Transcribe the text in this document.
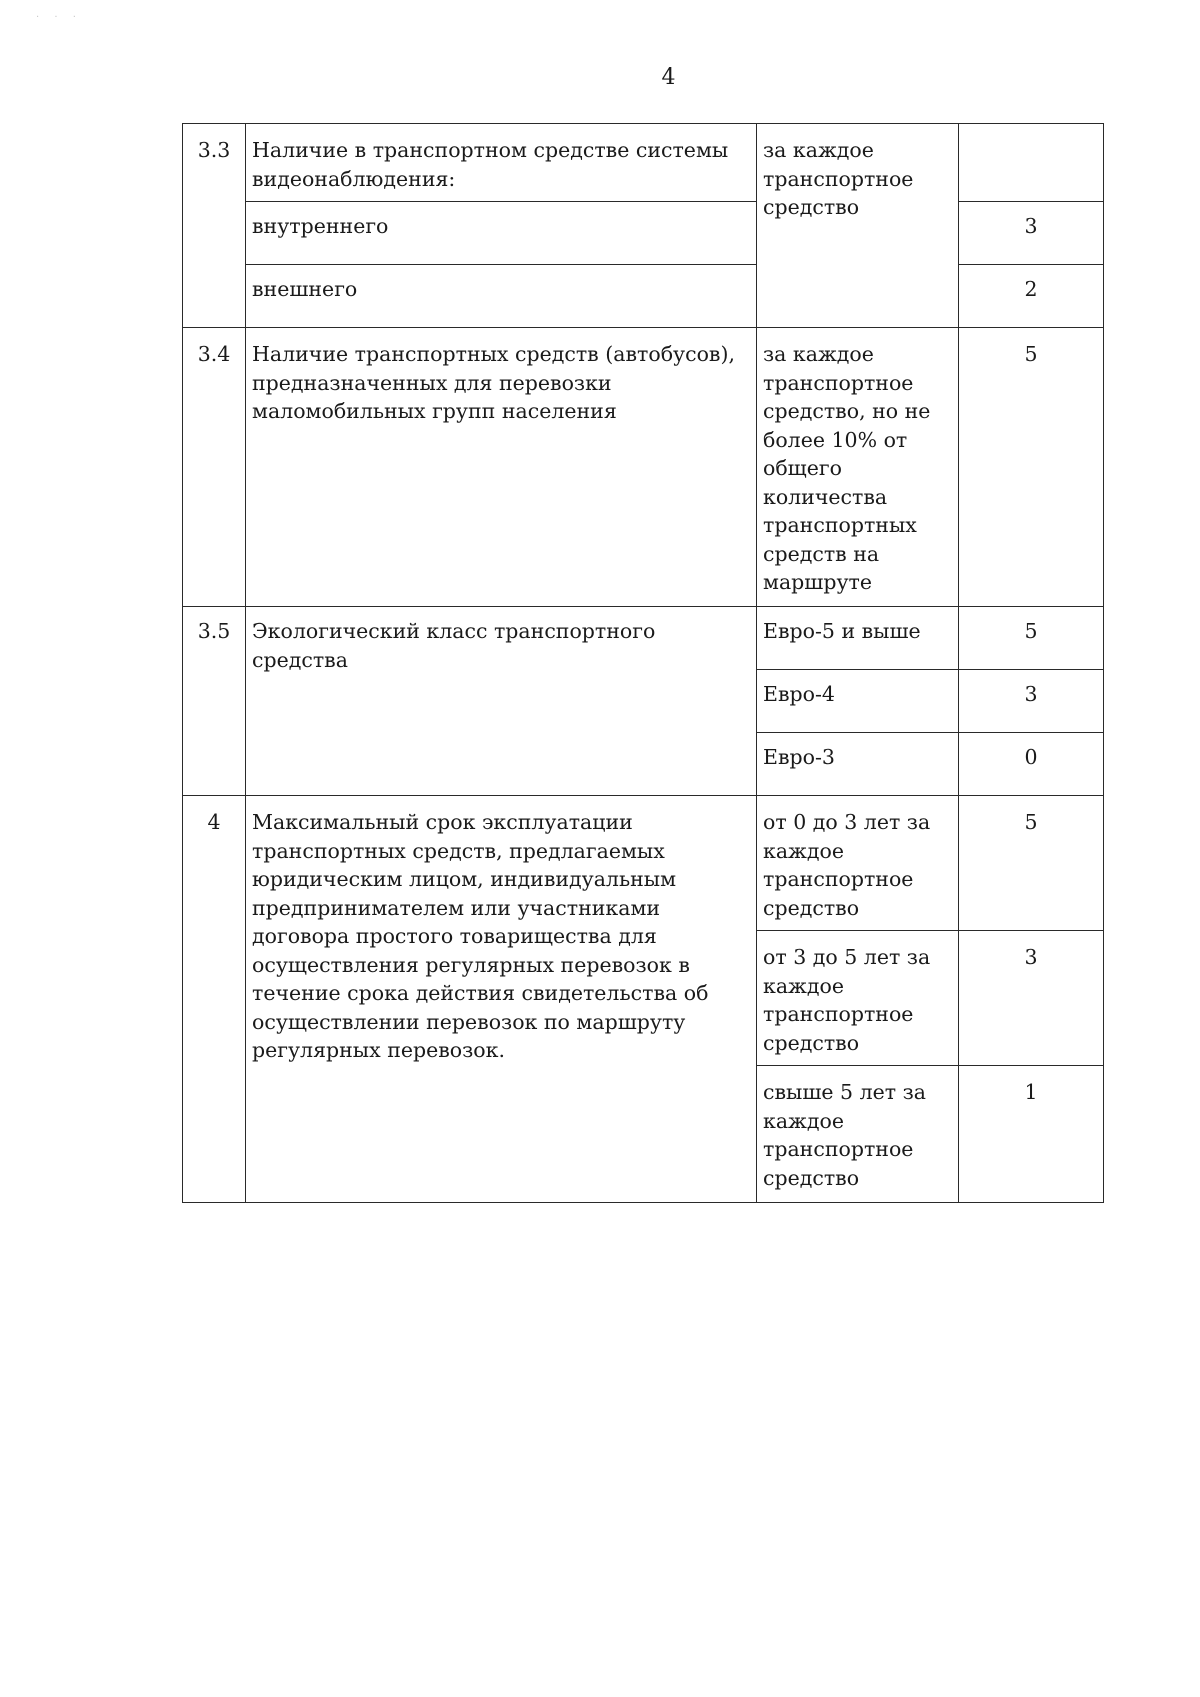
· · ·
4
3.3	Наличие в транспортном средстве системы видеонаблюдения:	за каждое транспортное средство	
	внутреннего		3
	внешнего		2
3.4	Наличие транспортных средств (автобусов), предназначенных для перевозки маломобильных групп населения	за каждое транспортное средство, но не более 10% от общего количества транспортных средств на маршруте	5
3.5	Экологический класс транспортного средства	Евро-5 и выше	5
		Евро-4	3
		Евро-3	0
4	Максимальный срок эксплуатации транспортных средств, предлагаемых юридическим лицом, индивидуальным предпринимателем или участниками договора простого товарищества для осуществления регулярных перевозок в течение срока действия свидетельства об осуществлении перевозок по маршруту регулярных перевозок.	от 0 до 3 лет за каждое транспортное средство	5
		от 3 до 5 лет за каждое транспортное средство	3
		свыше 5 лет за каждое транспортное средство	1
